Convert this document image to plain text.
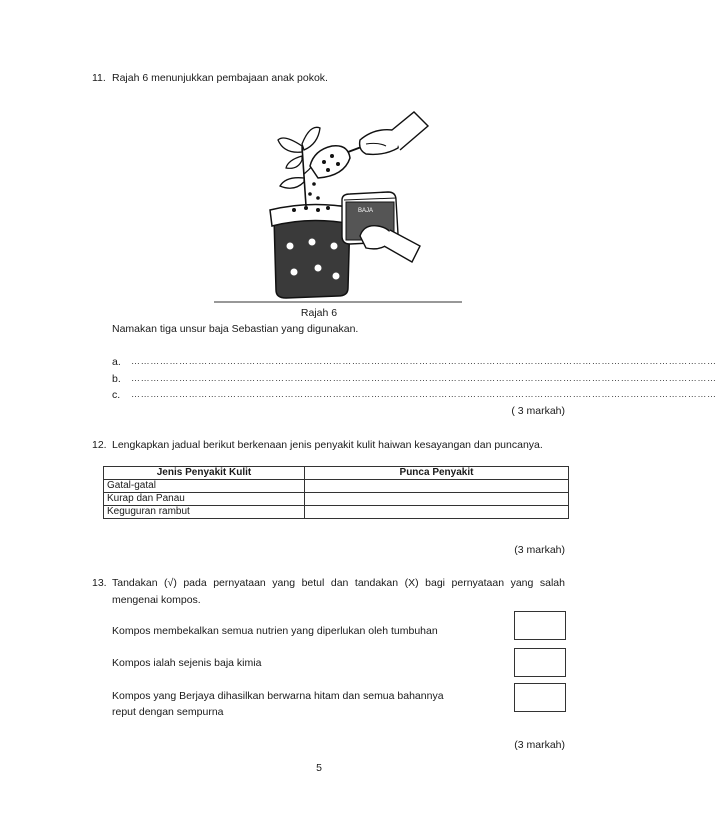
11. Rajah 6 menunjukkan pembajaan anak pokok.
BAJA
Rajah 6
Namakan tiga unsur baja Sebastian yang digunakan.
a. …………………………………………………………………………………………………………………………………………………………………
b. …………………………………………………………………………………………………………………………………………………………………
c. …………………………………………………………………………………………………………………………………………………………………
( 3 markah)
12. Lengkapkan jadual berikut berkenaan jenis penyakit kulit haiwan kesayangan dan puncanya.
Jenis Penyakit Kulit	Punca Penyakit
Gatal-gatal	
Kurap dan Panau	
Keguguran rambut	
(3 markah)
13. Tandakan (√) pada pernyataan yang betul dan tandakan (X) bagi pernyataan yang salah
mengenai kompos.
Kompos membekalkan semua nutrien yang diperlukan oleh tumbuhan
Kompos ialah sejenis baja kimia
Kompos yang Berjaya dihasilkan berwarna hitam dan semua bahannya
reput dengan sempurna
(3 markah)
5
